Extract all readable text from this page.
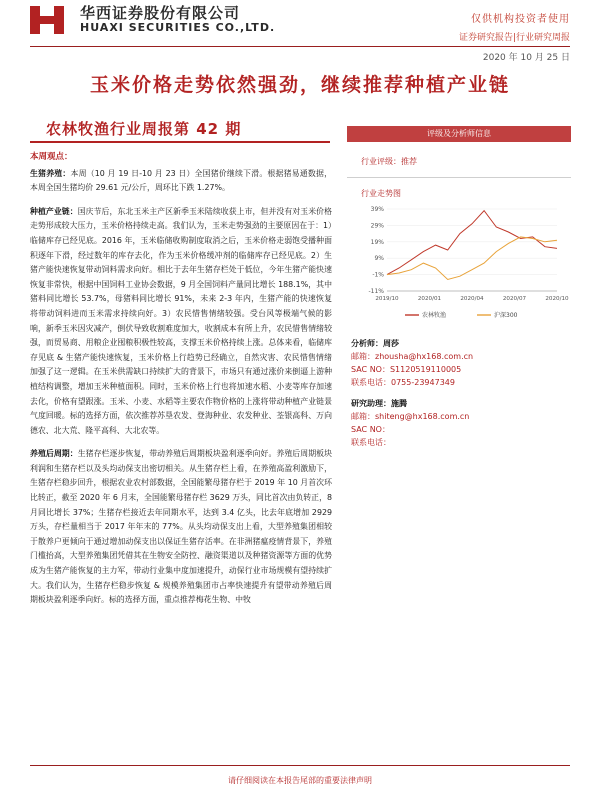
华西证券股份有限公司
HUAXI SECURITIES CO.,LTD.
仅供机构投资者使用
证券研究报告|行业研究周报
2020 年 10 月 25 日
玉米价格走势依然强劲，继续推荐种植产业链
农林牧渔行业周报第 42 期
本周观点：

生猪养殖：本周（10 月 19 日-10 月 23 日）全国猪价继续下滑。根据猪易通数据，本周全国生猪均价 29.61 元/公斤，周环比下跌 1.27%。

种植产业链：国庆节后，东北玉米主产区新季玉米陆续收获上市，但并没有对玉米价格走势形成较大压力，玉米价格持续走高。我们认为，玉米走势强劲的主要原因在于：1）临储库存已经见底。2016 年，玉米临储收购制度取消之后，玉米价格走弱饱受播种面积逐年下滑，经过数年的库存去化，作为玉米价格缓冲剂的临储库存已经见底。2）生猪产能快速恢复带动饲料需求向好。相比于去年生猪存栏处于低位，今年生猪产能快速恢复非常快，根据中国饲料工业协会数据，9 月全国饲料产量同比增长 188.1%，其中猪料同比增长 53.7%，母猪料同比增长 91%，未来 2-3 年内，生猪产能的快速恢复将带动饲料进而玉米需求持续向好。3）农民惜售情绪较强。受台风等极端气候的影响，新季玉米因灾减产，倒伏导致收割难度加大，收割成本有所上升，农民惜售情绪较强，而贸易商、用粮企业囤粮积极性较高，支撑玉米价格持续上涨。总体来看，临储库存见底 & 生猪产能快速恢复，玉米价格上行趋势已经确立，自然灾害、农民惜售情绪加强了这一逻辑。在玉米供需缺口持续扩大的背景下，市场只有通过涨价来倒逼上游种植结构调整，增加玉米种植面积。同时，玉米价格上行也将加速水稻、小麦等库存加速去化，价格有望跟涨。玉米、小麦、水稻等主要农作物价格的上涨将带动种植产业链景气度回暖。标的选择方面，依次推荐苏垦农发、登海种业、农发种业、荃银高科、万向德农、北大荒、隆平高科、大北农等。

养殖后周期：生猪存栏逐步恢复，带动养殖后周期板块盈利逐季向好。养殖后周期板块利润和生猪存栏以及头均动保支出密切相关。从生猪存栏上看，在养殖高盈利激励下，生猪存栏稳步回升，根据农业农村部数据，全国能繁母猪存栏于 2019 年 10 月首次环比转正，截至 2020 年 6 月末，全国能繁母猪存栏 3629 万头，同比首次由负转正，8 月同比增长 37%；生猪存栏接近去年同期水平，达到 3.4 亿头，比去年底增加 2929 万头，存栏量相当于 2017 年年末的 77%。从头均动保支出上看，大型养殖集团相较于散养户更倾向于通过增加动保支出以保证生猪存活率。在非洲猪瘟疫情背景下，养殖门槛抬高，大型养殖集团凭借其在生物安全防控、融资渠道以及种猪资源等方面的优势成为生猪产能恢复的主力军，带动行业集中度加速提升，动保行业市场规模有望持续扩大。我们认为，生猪存栏稳步恢复 & 规模养殖集团市占率快速提升有望带动养殖后周期板块盈利逐季向好。标的选择方面，重点推荐梅花生物、中牧

评级及分析师信息
行业评级：推荐
行业走势图
39%
29%
19%
9%
-1%
-11%
2019/10	2020/01	2020/04	2020/07	2020/10
农林牧渔	沪深300
分析师：周莎
邮箱：zhousha@hx168.com.cn
SAC NO：S1120519110005
联系电话：0755-23947349
研究助理：施腾
邮箱：shiteng@hx168.com.cn
SAC NO：
联系电话：
请仔细阅读在本报告尾部的重要法律声明
